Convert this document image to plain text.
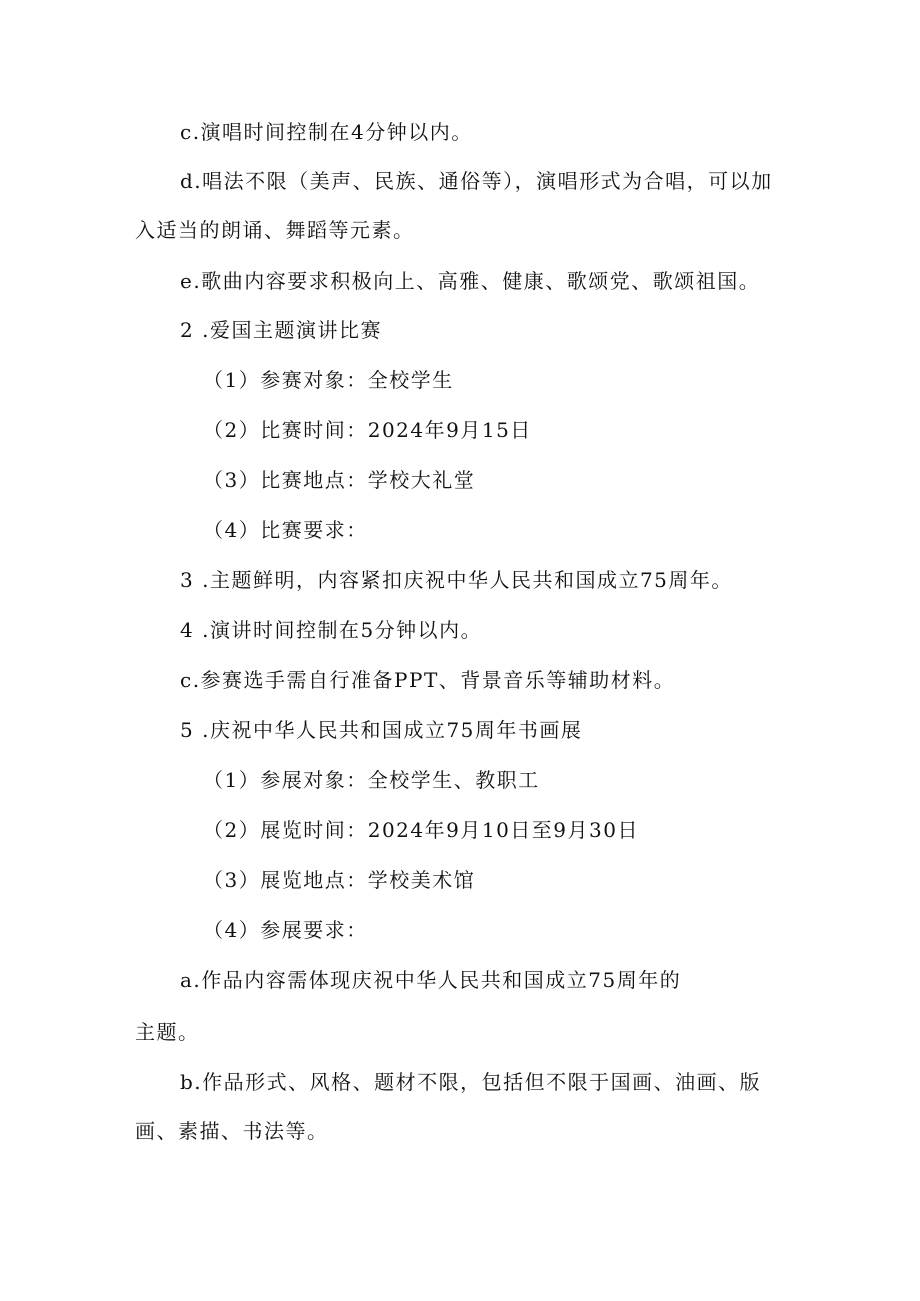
c.演唱时间控制在4分钟以内。
d.唱法不限（美声、民族、通俗等），演唱形式为合唱，可以加
入适当的朗诵、舞蹈等元素。
e.歌曲内容要求积极向上、高雅、健康、歌颂党、歌颂祖国。
2 .爱国主题演讲比赛
（1）参赛对象：全校学生
（2）比赛时间：2024年9月15日
（3）比赛地点：学校大礼堂
（4）比赛要求：
3 .主题鲜明，内容紧扣庆祝中华人民共和国成立75周年。
4 .演讲时间控制在5分钟以内。
c.参赛选手需自行准备PPT、背景音乐等辅助材料。
5 .庆祝中华人民共和国成立75周年书画展
（1）参展对象：全校学生、教职工
（2）展览时间：2024年9月10日至9月30日
（3）展览地点：学校美术馆
（4）参展要求：
a.作品内容需体现庆祝中华人民共和国成立75周年的
主题。
b.作品形式、风格、题材不限，包括但不限于国画、油画、版
画、素描、书法等。
